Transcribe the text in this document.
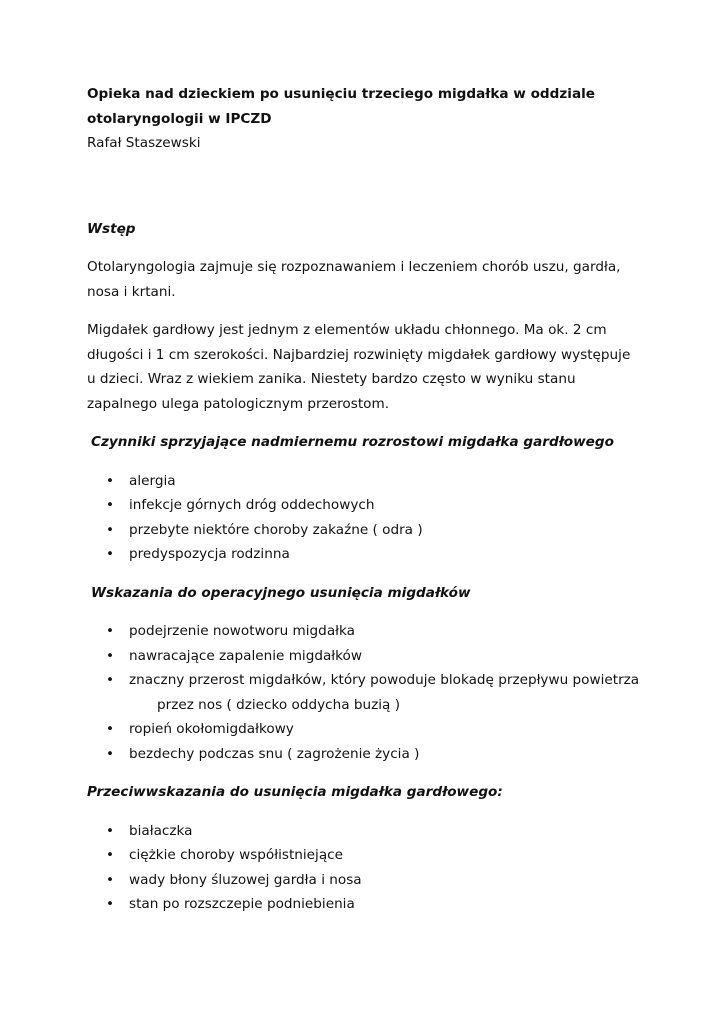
Opieka nad dzieckiem po usunięciu trzeciego migdałka w oddziale
otolaryngologii w IPCZD

Rafał Staszewski

Wstęp

Otolaryngologia zajmuje się rozpoznawaniem i leczeniem chorób uszu, gardła,
nosa i krtani.

Migdałek gardłowy jest jednym z elementów układu chłonnego. Ma ok. 2 cm
długości i 1 cm szerokości. Najbardziej rozwinięty migdałek gardłowy występuje
u dzieci. Wraz z wiekiem zanika. Niestety bardzo często w wyniku stanu
zapalnego ulega patologicznym przerostom.

Czynniki sprzyjające nadmiernemu rozrostowi migdałka gardłowego

• alergia
• infekcje górnych dróg oddechowych
• przebyte niektóre choroby zakaźne ( odra )
• predyspozycja rodzinna

Wskazania do operacyjnego usunięcia migdałków

• podejrzenie nowotworu migdałka
• nawracające zapalenie migdałków
• znaczny przerost migdałków, który powoduje blokadę przepływu powietrza
przez nos ( dziecko oddycha buzią )
• ropień okołomigdałkowy
• bezdechy podczas snu ( zagrożenie życia )

Przeciwwskazania do usunięcia migdałka gardłowego:

• białaczka
• ciężkie choroby współistniejące
• wady błony śluzowej gardła i nosa
• stan po rozszczepie podniebienia
